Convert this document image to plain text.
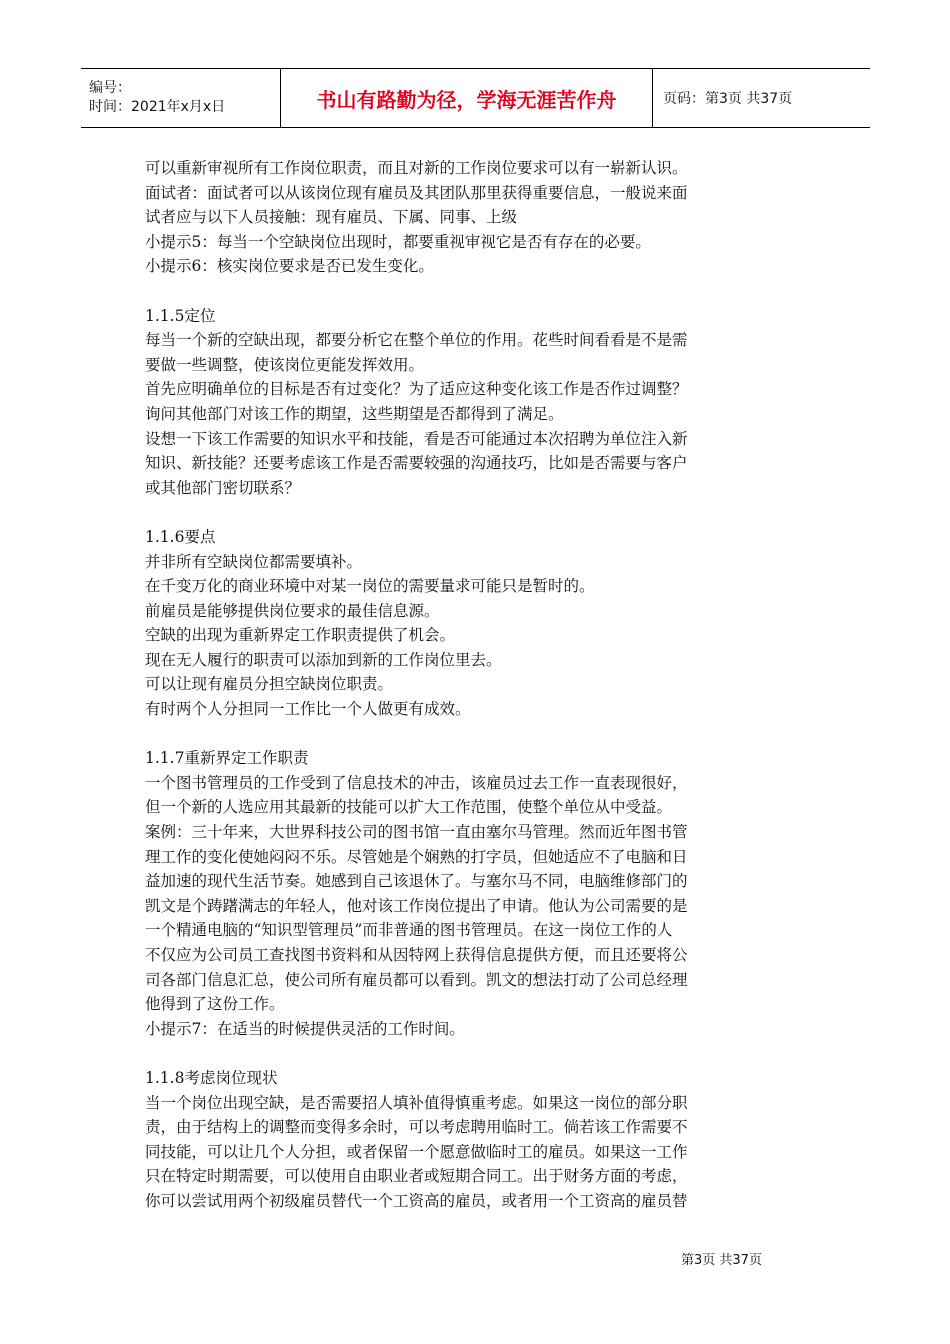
编号：
时间：2021年x月x日	书山有路勤为径，学海无涯苦作舟	页码：第3页 共37页

可以重新审视所有工作岗位职责，而且对新的工作岗位要求可以有一崭新认识。

面试者：面试者可以从该岗位现有雇员及其团队那里获得重要信息，一般说来面

试者应与以下人员接触：现有雇员、下属、同事、上级

小提示5：每当一个空缺岗位出现时，都要重视审视它是否有存在的必要。

小提示6：核实岗位要求是否已发生变化。

1.1.5定位

每当一个新的空缺出现，都要分析它在整个单位的作用。花些时间看看是不是需

要做一些调整，使该岗位更能发挥效用。

首先应明确单位的目标是否有过变化？为了适应这种变化该工作是否作过调整？

询问其他部门对该工作的期望，这些期望是否都得到了满足。

设想一下该工作需要的知识水平和技能，看是否可能通过本次招聘为单位注入新

知识、新技能？还要考虑该工作是否需要较强的沟通技巧，比如是否需要与客户

或其他部门密切联系？

1.1.6要点

并非所有空缺岗位都需要填补。

在千变万化的商业环境中对某一岗位的需要量求可能只是暂时的。

前雇员是能够提供岗位要求的最佳信息源。

空缺的出现为重新界定工作职责提供了机会。

现在无人履行的职责可以添加到新的工作岗位里去。

可以让现有雇员分担空缺岗位职责。

有时两个人分担同一工作比一个人做更有成效。

1.1.7重新界定工作职责

一个图书管理员的工作受到了信息技术的冲击，该雇员过去工作一直表现很好，

但一个新的人选应用其最新的技能可以扩大工作范围，使整个单位从中受益。

案例：三十年来，大世界科技公司的图书馆一直由塞尔马管理。然而近年图书管

理工作的变化使她闷闷不乐。尽管她是个娴熟的打字员，但她适应不了电脑和日

益加速的现代生活节奏。她感到自己该退休了。与塞尔马不同，电脑维修部门的

凯文是个踌躇满志的年轻人，他对该工作岗位提出了申请。他认为公司需要的是

一个精通电脑的“知识型管理员”而非普通的图书管理员。在这一岗位工作的人

不仅应为公司员工查找图书资料和从因特网上获得信息提供方便，而且还要将公

司各部门信息汇总，使公司所有雇员都可以看到。凯文的想法打动了公司总经理

他得到了这份工作。

小提示7：在适当的时候提供灵活的工作时间。

1.1.8考虑岗位现状

当一个岗位出现空缺，是否需要招人填补值得慎重考虑。如果这一岗位的部分职

责，由于结构上的调整而变得多余时，可以考虑聘用临时工。倘若该工作需要不

同技能，可以让几个人分担，或者保留一个愿意做临时工的雇员。如果这一工作

只在特定时期需要，可以使用自由职业者或短期合同工。出于财务方面的考虑，

你可以尝试用两个初级雇员替代一个工资高的雇员，或者用一个工资高的雇员替

第3页 共37页
